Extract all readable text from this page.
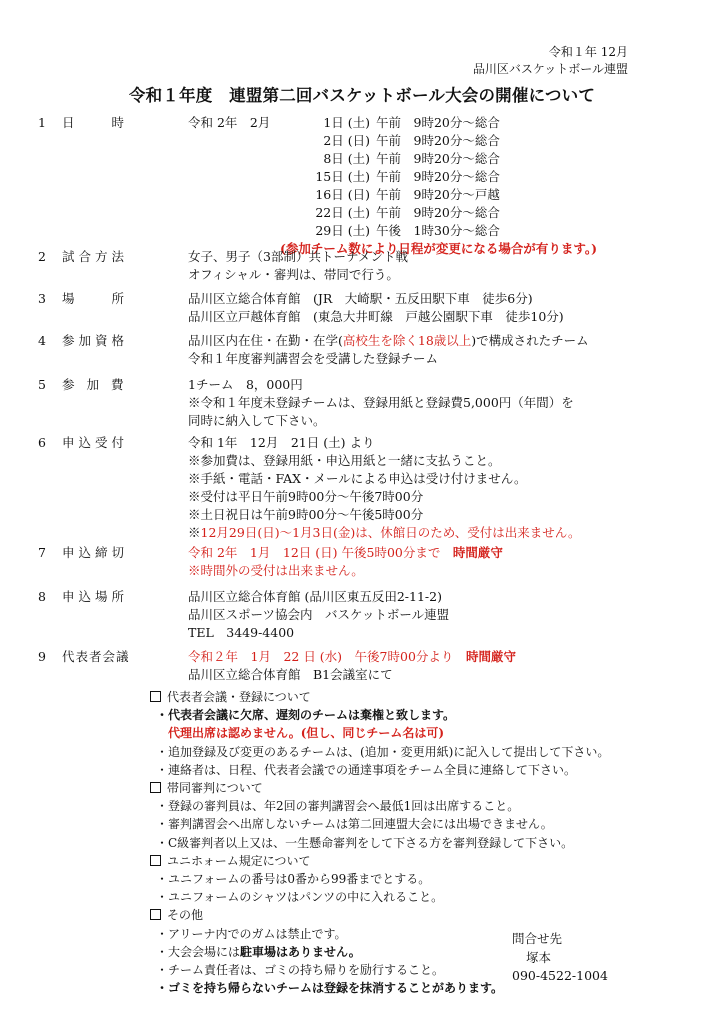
令和１年 12月
品川区バスケットボール連盟
令和１年度　連盟第二回バスケットボール大会の開催について
1	日　　時	令和 2年　2月	1日 (土) 午前　9時20分～総合
2日 (日) 午前　9時20分～総合
8日 (土) 午前　9時20分～総合
15日 (土) 午前　9時20分～総合
16日 (日) 午前　9時20分～戸越
22日 (土) 午前　9時20分～総合
29日 (土) 午後　1時30分～総合
(参加チーム数により日程が変更になる場合が有ります。)
2	試合方法	女子、男子（3部制）共トーナメント戦
オフィシャル・審判は、帯同で行う。
3	場　　所	品川区立総合体育館　(JR　大崎駅・五反田駅下車　徒歩6分)
品川区立戸越体育館　(東急大井町線　戸越公園駅下車　徒歩10分)
4	参加資格	品川区内在住・在勤・在学(高校生を除く18歳以上)で構成されたチーム
令和１年度審判講習会を受講した登録チーム
5	参 加 費	1チーム　8，000円
※令和１年度未登録チームは、登録用紙と登録費5,000円（年間）を
同時に納入して下さい。
6	申込受付	令和 1年　12月　21日 (土) より
※参加費は、登録用紙・申込用紙と一緒に支払うこと。
※手紙・電話・FAX・メールによる申込は受け付けません。
※受付は平日午前9時00分～午後7時00分
※土日祝日は午前9時00分～午後5時00分
※12月29日(日)～1月3日(金)は、休館日のため、受付は出来ません。
7	申込締切	令和 2年　1月　12日 (日) 午後5時00分まで　 時間厳守
※時間外の受付は出来ません。
8	申込場所	品川区立総合体育館 (品川区東五反田2-11-2)
品川区スポーツ協会内　バスケットボール連盟
TEL　3449-4400
9	代表者会議	令和２年　1月　22 日 (水)　午後7時00分より　 時間厳守
品川区立総合体育館　B1会議室にて
代表者会議・登録について
・代表者会議に欠席、遅刻のチームは棄権と致します。
代理出席は認めません。(但し、同じチーム名は可)
・追加登録及び変更のあるチームは、(追加・変更用紙)に記入して提出して下さい。
・連絡者は、日程、代表者会議での通達事項をチーム全員に連絡して下さい。
帯同審判について
・登録の審判員は、年2回の審判講習会へ最低1回は出席すること。
・審判講習会へ出席しないチームは第二回連盟大会には出場できません。
・C級審判者以上又は、一生懸命審判をして下さる方を審判登録して下さい。
ユニホォーム規定について
・ユニフォームの番号は0番から99番までとする。
・ユニフォームのシャツはパンツの中に入れること。
その他
・アリーナ内でのガムは禁止です。
・大会会場には駐車場はありません。
・チーム責任者は、ゴミの持ち帰りを励行すること。
・ゴミを持ち帰らないチームは登録を抹消することがあります。
問合せ先
塚本
090-4522-1004
